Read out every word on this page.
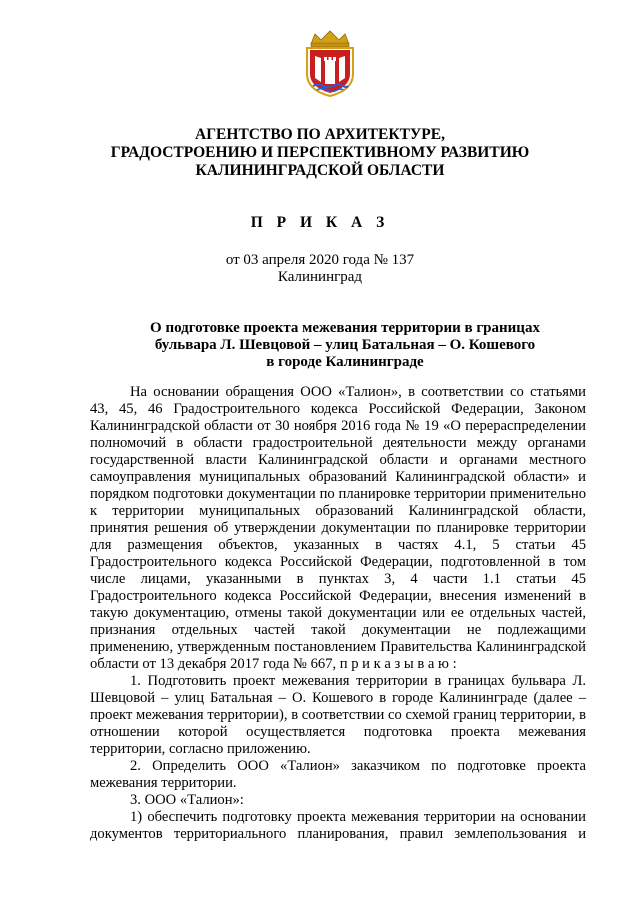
АГЕНТСТВО ПО АРХИТЕКТУРЕ,
ГРАДОСТРОЕНИЮ И ПЕРСПЕКТИВНОМУ РАЗВИТИЮ
КАЛИНИНГРАДСКОЙ ОБЛАСТИ
П Р И К А З
от 03 апреля 2020 года № 137
Калининград
О подготовке проекта межевания территории в границах
бульвара Л. Шевцовой – улиц Батальная – О. Кошевого
в городе Калининграде

На основании обращения ООО «Талион», в соответствии со статьями 43, 45, 46 Градостроительного кодекса Российской Федерации, Законом Калининградской области от 30 ноября 2016 года № 19 «О перераспределении полномочий в области градостроительной деятельности между органами государственной власти Калининградской области и органами местного самоуправления муниципальных образований Калининградской области» и порядком подготовки документации по планировке территории применительно к территории муниципальных образований Калининградской области, принятия решения об утверждении документации по планировке территории для размещения объектов, указанных в частях 4.1, 5 статьи 45 Градостроительного кодекса Российской Федерации, подготовленной в том числе лицами, указанными в пунктах 3, 4 части 1.1 статьи 45 Градостроительного кодекса Российской Федерации, внесения изменений в такую документацию, отмены такой документации или ее отдельных частей, признания отдельных частей такой документации не подлежащими применению, утвержденным постановлением Правительства Калининградской области от 13 декабря 2017 года № 667, п р и к а з ы в а ю :

1. Подготовить проект межевания территории в границах бульвара Л. Шевцовой – улиц Батальная – О. Кошевого в городе Калининграде (далее – проект межевания территории), в соответствии со схемой границ территории, в отношении которой осуществляется подготовка проекта межевания территории, согласно приложению.

2. Определить ООО «Талион» заказчиком по подготовке проекта межевания территории.

3. ООО «Талион»:

1) обеспечить подготовку проекта межевания территории на основании документов территориального планирования, правил землепользования и
